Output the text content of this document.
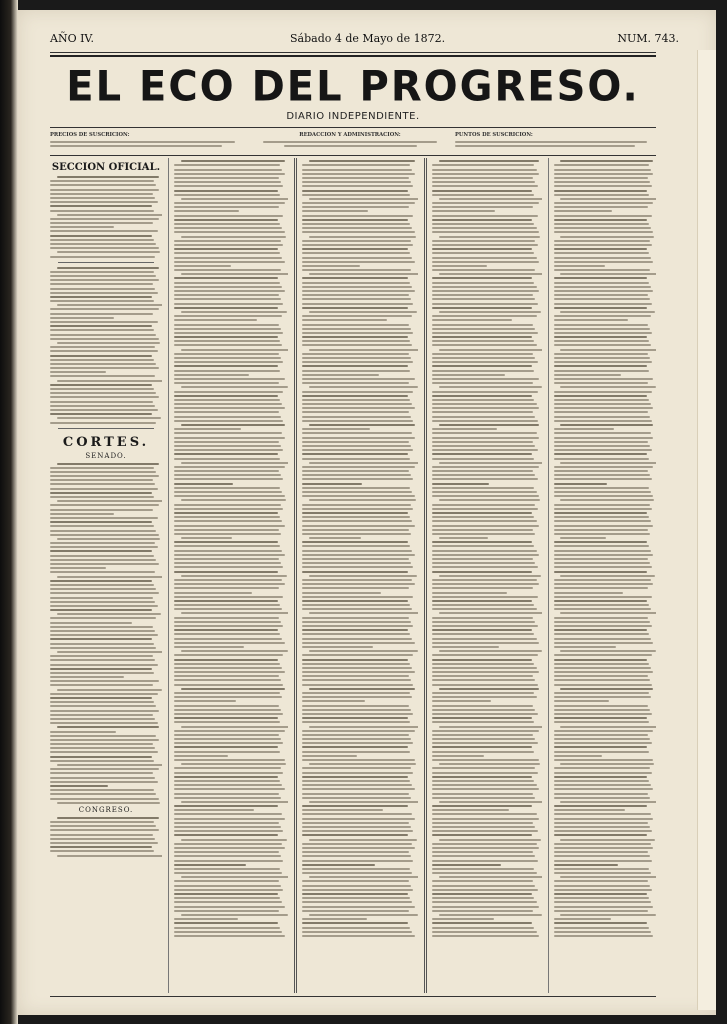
AÑO IV.	Sábado 4 de Mayo de 1872.	NUM. 743.
EL ECO DEL PROGRESO.
DIARIO INDEPENDIENTE.
PRECIOS DE SUSCRICION:	REDACCION Y ADMINISTRACION:	PUNTOS DE SUSCRICION:
SECCION OFICIAL.
CORTES.
SENADO.
CONGRESO.
